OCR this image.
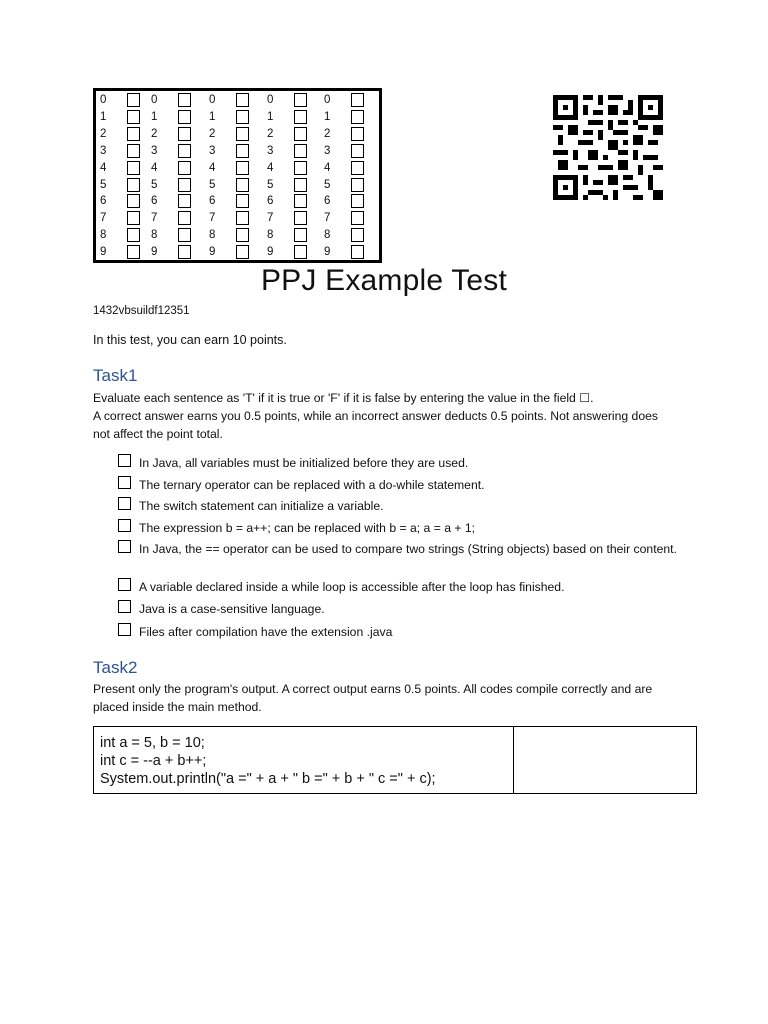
0
1
2
3
4
5
6
7
8
9
0
1
2
3
4
5
6
7
8
9
0
1
2
3
4
5
6
7
8
9
0
1
2
3
4
5
6
7
8
9
0
1
2
3
4
5
6
7
8
9
PPJ Example Test
1432vbsuildf12351
In this test, you can earn 10 points.
Task1
Evaluate each sentence as 'T' if it is true or 'F' if it is false by entering the value in the field ☐.
A correct answer earns you 0.5 points, while an incorrect answer deducts 0.5 points. Not answering does not affect the point total.
In Java, all variables must be initialized before they are used.
The ternary operator can be replaced with a do-while statement.
The switch statement can initialize a variable.
The expression b = a++; can be replaced with b = a; a = a + 1;
In Java, the == operator can be used to compare two strings (String objects) based on their content.
A variable declared inside a while loop is accessible after the loop has finished.
Java is a case-sensitive language.
Files after compilation have the extension .java
Task2
Present only the program's output. A correct output earns 0.5 points. All codes compile correctly and are placed inside the main method.
int a = 5, b = 10;
int c = --a + b++;
System.out.println("a =" + a + " b =" + b + " c =" + c);
